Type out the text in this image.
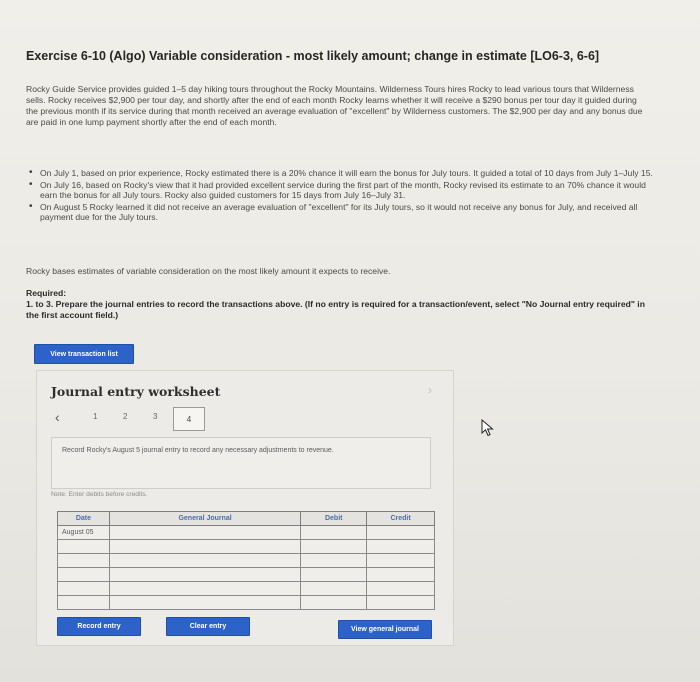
Exercise 6-10 (Algo) Variable consideration - most likely amount; change in estimate [LO6-3, 6-6]

Rocky Guide Service provides guided 1–5 day hiking tours throughout the Rocky Mountains. Wilderness Tours hires Rocky to lead various tours that Wilderness sells. Rocky receives $2,900 per tour day, and shortly after the end of each month Rocky learns whether it will receive a $290 bonus per tour day it guided during the previous month if its service during that month received an average evaluation of "excellent" by Wilderness customers. The $2,900 per day and any bonus due are paid in one lump payment shortly after the end of each month.

• On July 1, based on prior experience, Rocky estimated there is a 20% chance it will earn the bonus for July tours. It guided a total of 10 days from July 1–July 15.
• On July 16, based on Rocky's view that it had provided excellent service during the first part of the month, Rocky revised its estimate to an 70% chance it would earn the bonus for all July tours. Rocky also guided customers for 15 days from July 16–July 31.
• On August 5 Rocky learned it did not receive an average evaluation of "excellent" for its July tours, so it would not receive any bonus for July, and received all payment due for the July tours.
Rocky bases estimates of variable consideration on the most likely amount it expects to receive.
Required:
1. to 3. Prepare the journal entries to record the transactions above. (If no entry is required for a transaction/event, select "No Journal entry required" in the first account field.)
View transaction list
Journal entry worksheet
‹	1	2	3	4
Record Rocky's August 5 journal entry to record any necessary adjustments to revenue.
Note: Enter debits before credits.
Date	General Journal	Debit	Credit
August 05			

›
Record entry	Clear entry	View general journal
